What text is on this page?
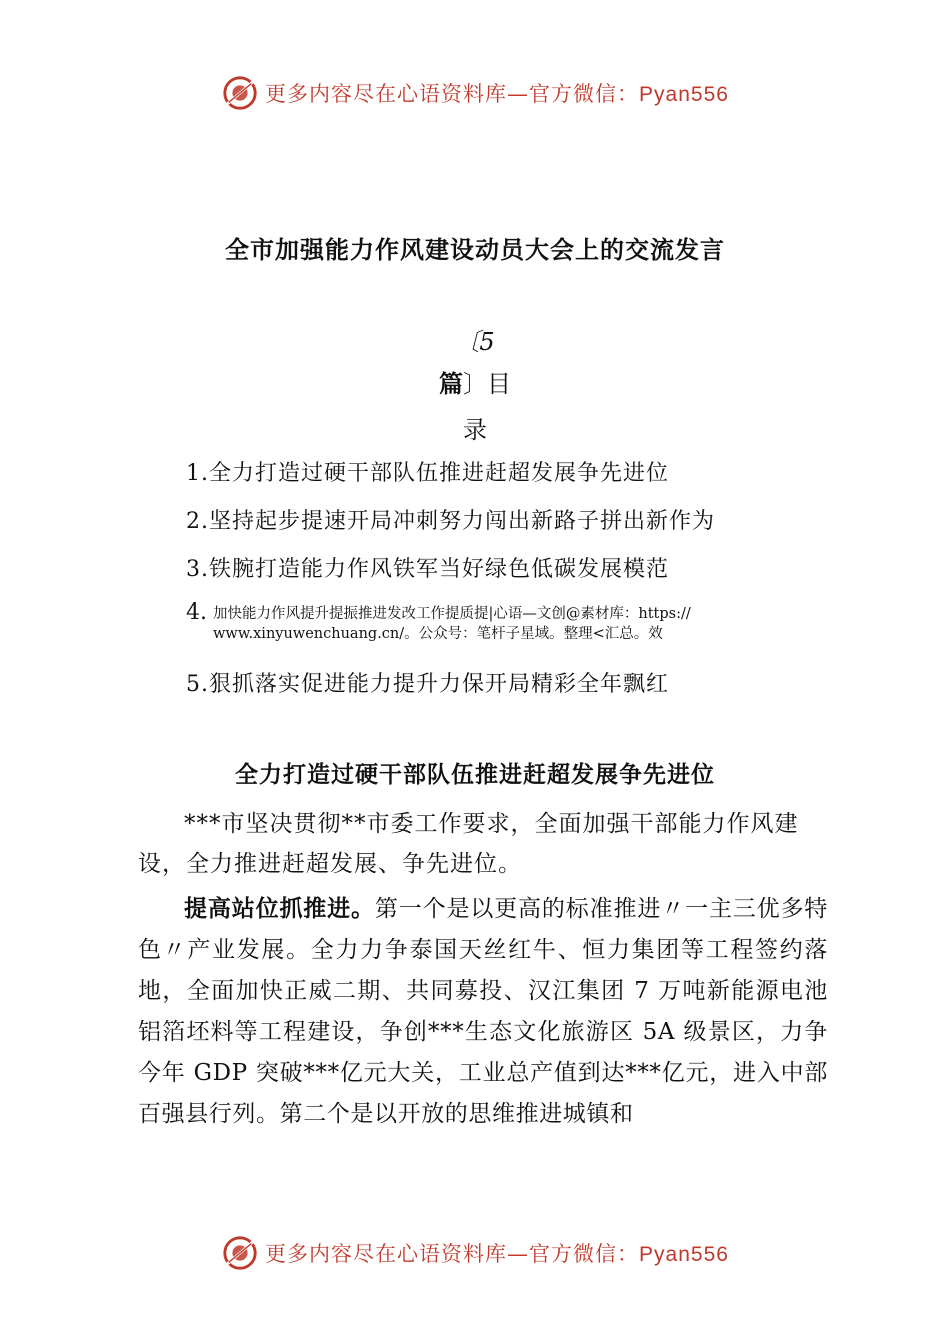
更多内容尽在心语资料库—官方微信：Pyan556
全市加强能力作风建设动员大会上的交流发言
〔5
篇〕目
录
1.全力打造过硬干部队伍推进赶超发展争先进位
2.坚持起步提速开局冲刺努力闯出新路子拼出新作为
3.铁腕打造能力作风铁军当好绿色低碳发展模范
4. 加快能力作风提升提振推进发改工作提质提|心语—文创@素材库：https://
www.xinyuwenchuang.cn/。公众号：笔杆子星域。整理<汇总。效
5.狠抓落实促进能力提升力保开局精彩全年飘红
全力打造过硬干部队伍推进赶超发展争先进位

***市坚决贯彻**市委工作要求，全面加强干部能力作风建设，全力推进赶超发展、争先进位。

提高站位抓推进。第一个是以更高的标准推进〃一主三优多特色〃产业发展。全力力争泰国天丝红牛、恒力集团等工程签约落地，全面加快正威二期、共同募投、汉江集团 7 万吨新能源电池铝箔坯料等工程建设，争创***生态文化旅游区 5A 级景区，力争今年 GDP 突破***亿元大关，工业总产值到达***亿元，进入中部百强县行列。第二个是以开放的思维推进城镇和

更多内容尽在心语资料库—官方微信：Pyan556
